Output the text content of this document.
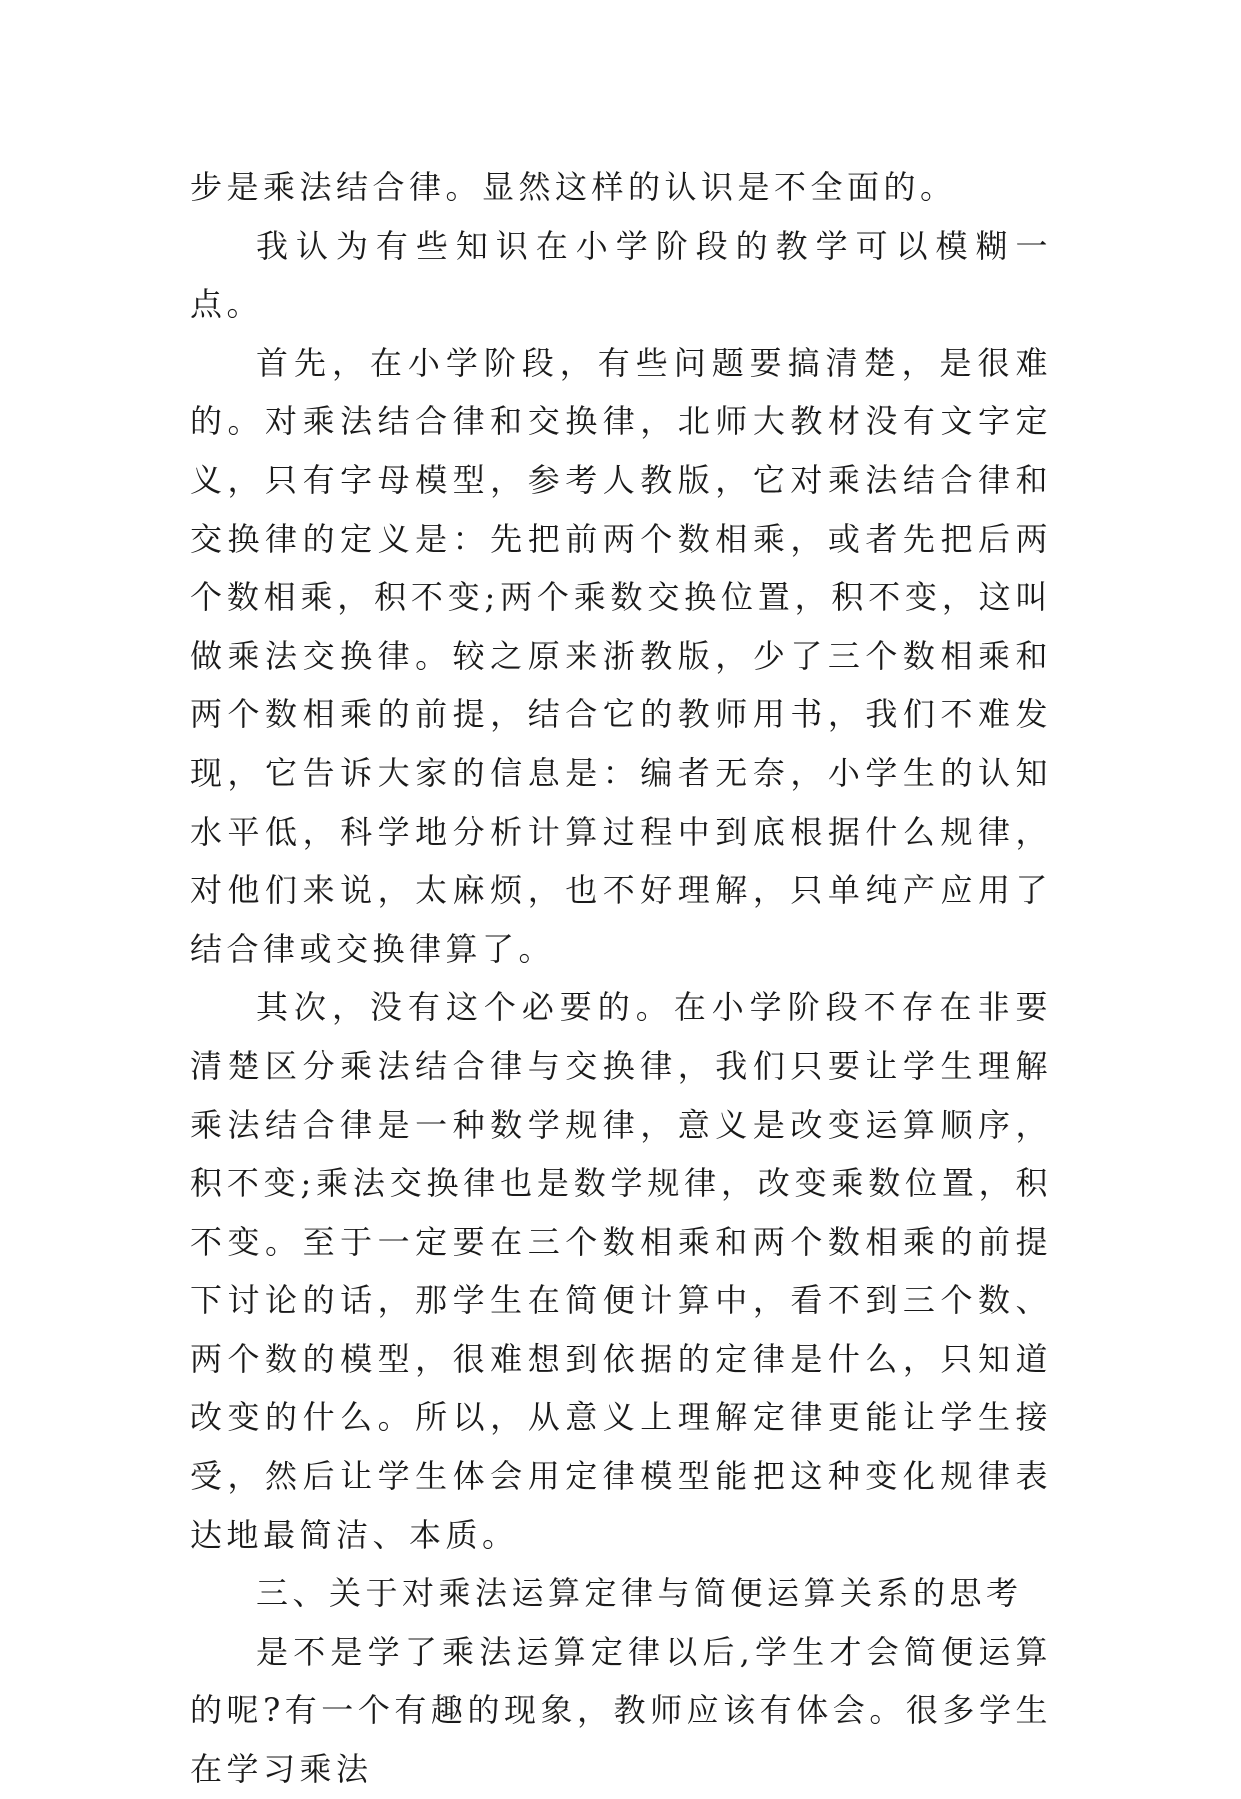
步是乘法结合律。显然这样的认识是不全面的。

我认为有些知识在小学阶段的教学可以模糊一点。

首先，在小学阶段，有些问题要搞清楚，是很难的。对乘法结合律和交换律，北师大教材没有文字定义，只有字母模型，参考人教版，它对乘法结合律和交换律的定义是：先把前两个数相乘，或者先把后两个数相乘，积不变;两个乘数交换位置，积不变，这叫做乘法交换律。较之原来浙教版，少了三个数相乘和两个数相乘的前提，结合它的教师用书，我们不难发现，它告诉大家的信息是：编者无奈，小学生的认知水平低，科学地分析计算过程中到底根据什么规律，对他们来说，太麻烦，也不好理解，只单纯产应用了结合律或交换律算了。

其次，没有这个必要的。在小学阶段不存在非要清楚区分乘法结合律与交换律，我们只要让学生理解乘法结合律是一种数学规律，意义是改变运算顺序，积不变;乘法交换律也是数学规律，改变乘数位置，积不变。至于一定要在三个数相乘和两个数相乘的前提下讨论的话，那学生在简便计算中，看不到三个数、两个数的模型，很难想到依据的定律是什么，只知道改变的什么。所以，从意义上理解定律更能让学生接受，然后让学生体会用定律模型能把这种变化规律表达地最简洁、本质。

三、关于对乘法运算定律与简便运算关系的思考

是不是学了乘法运算定律以后,学生才会简便运算的呢?有一个有趣的现象，教师应该有体会。很多学生在学习乘法
